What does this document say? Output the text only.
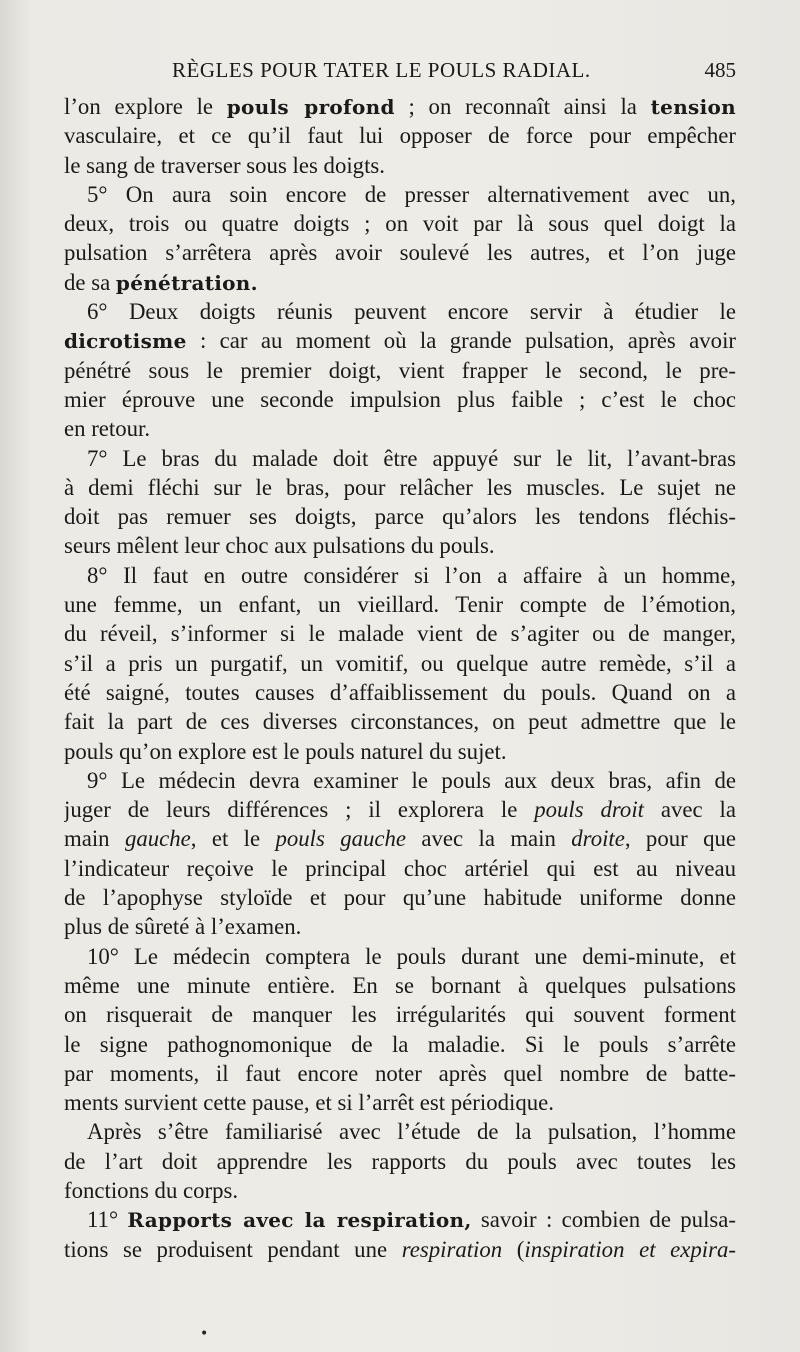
RÈGLES POUR TATER LE POULS RADIAL.	485
l’on explore le pouls profond ; on reconnaît ainsi la tension
vasculaire, et ce qu’il faut lui opposer de force pour empêcher
le sang de traverser sous les doigts.
5° On aura soin encore de presser alternativement avec un,
deux, trois ou quatre doigts ; on voit par là sous quel doigt la
pulsation s’arrêtera après avoir soulevé les autres, et l’on juge
de sa pénétration.
6° Deux doigts réunis peuvent encore servir à étudier le
dicrotisme : car au moment où la grande pulsation, après avoir
pénétré sous le premier doigt, vient frapper le second, le pre-
mier éprouve une seconde impulsion plus faible ; c’est le choc
en retour.
7° Le bras du malade doit être appuyé sur le lit, l’avant-bras
à demi fléchi sur le bras, pour relâcher les muscles. Le sujet ne
doit pas remuer ses doigts, parce qu’alors les tendons fléchis-
seurs mêlent leur choc aux pulsations du pouls.
8° Il faut en outre considérer si l’on a affaire à un homme,
une femme, un enfant, un vieillard. Tenir compte de l’émotion,
du réveil, s’informer si le malade vient de s’agiter ou de manger,
s’il a pris un purgatif, un vomitif, ou quelque autre remède, s’il a
été saigné, toutes causes d’affaiblissement du pouls. Quand on a
fait la part de ces diverses circonstances, on peut admettre que le
pouls qu’on explore est le pouls naturel du sujet.
9° Le médecin devra examiner le pouls aux deux bras, afin de
juger de leurs différences ; il explorera le pouls droit avec la
main gauche, et le pouls gauche avec la main droite, pour que
l’indicateur reçoive le principal choc artériel qui est au niveau
de l’apophyse styloïde et pour qu’une habitude uniforme donne
plus de sûreté à l’examen.
10° Le médecin comptera le pouls durant une demi-minute, et
même une minute entière. En se bornant à quelques pulsations
on risquerait de manquer les irrégularités qui souvent forment
le signe pathognomonique de la maladie. Si le pouls s’arrête
par moments, il faut encore noter après quel nombre de batte-
ments survient cette pause, et si l’arrêt est périodique.
Après s’être familiarisé avec l’étude de la pulsation, l’homme
de l’art doit apprendre les rapports du pouls avec toutes les
fonctions du corps.
11° Rapports avec la respiration, savoir : combien de pulsa-
tions se produisent pendant une respiration (inspiration et expira-
•
